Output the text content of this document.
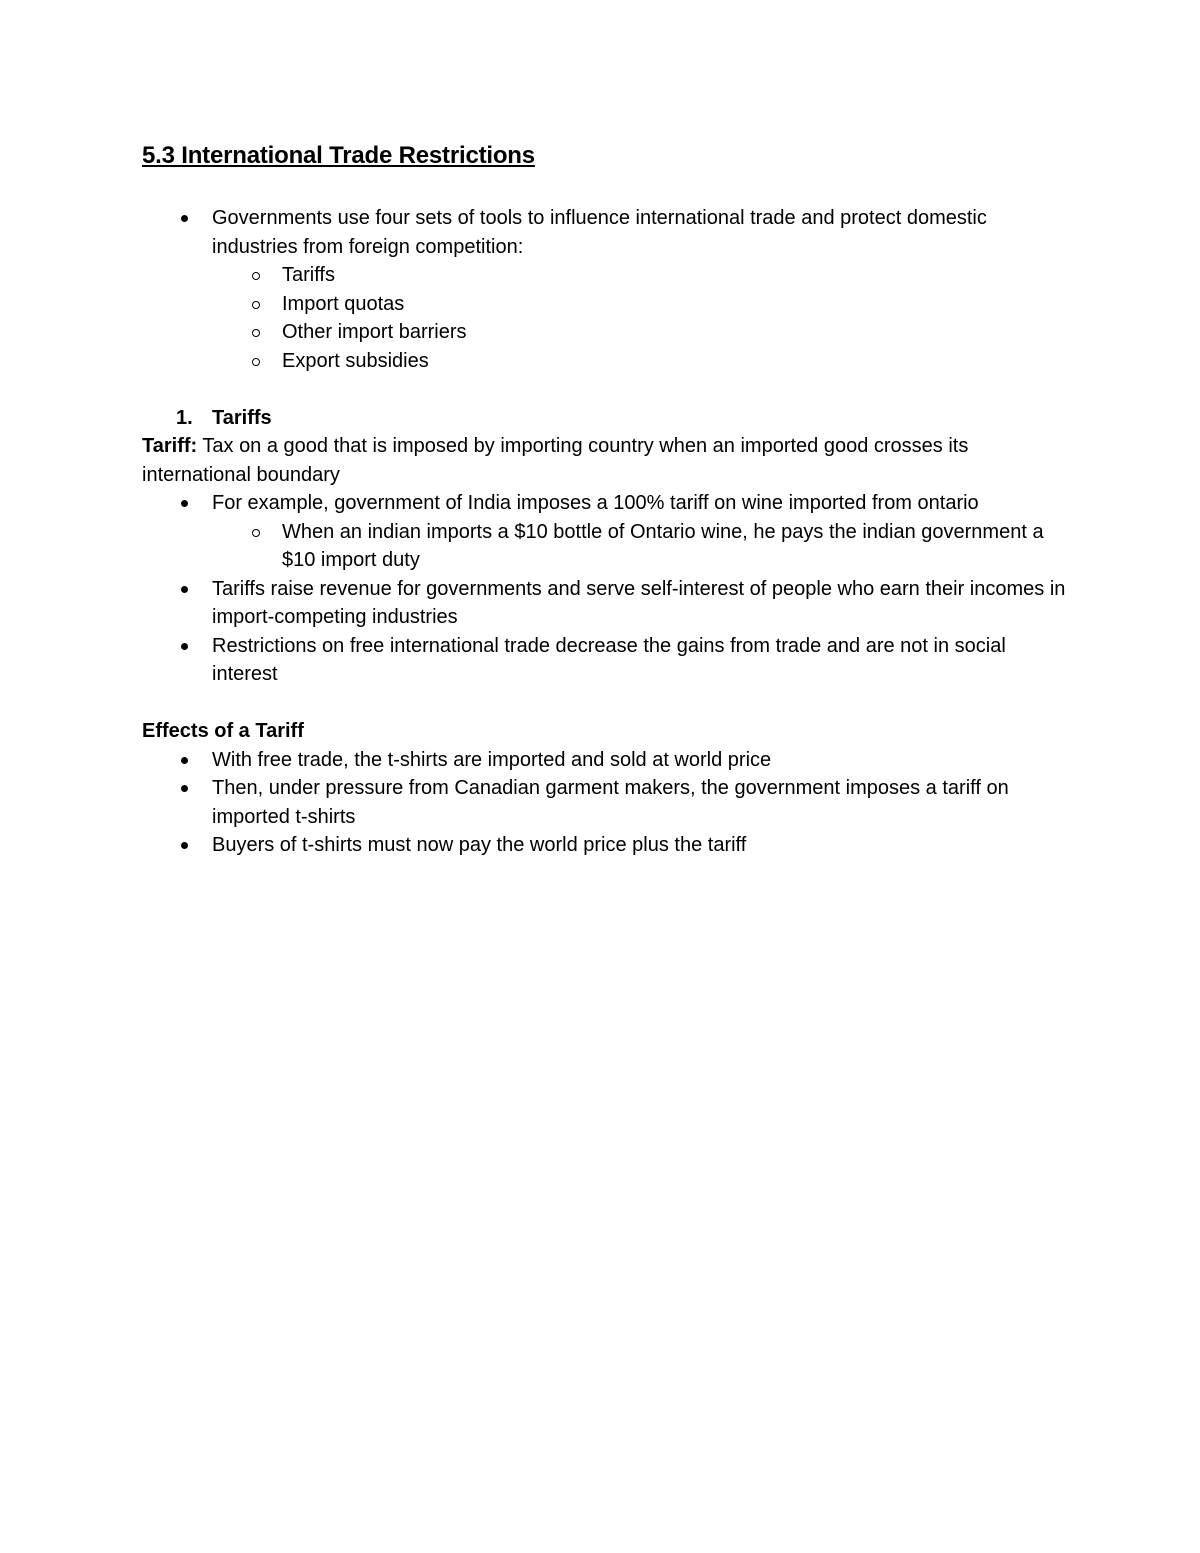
5.3 International Trade Restrictions
Governments use four sets of tools to influence international trade and protect domestic industries from foreign competition:
Tariffs
Import quotas
Other import barriers
Export subsidies
1. Tariffs
Tariff: Tax on a good that is imposed by importing country when an imported good crosses its international boundary
For example, government of India imposes a 100% tariff on wine imported from ontario
When an indian imports a $10 bottle of Ontario wine, he pays the indian government a $10 import duty
Tariffs raise revenue for governments and serve self-interest of people who earn their incomes in import-competing industries
Restrictions on free international trade decrease the gains from trade and are not in social interest
Effects of a Tariff
With free trade, the t-shirts are imported and sold at world price
Then, under pressure from Canadian garment makers, the government imposes a tariff on imported t-shirts
Buyers of t-shirts must now pay the world price plus the tariff
